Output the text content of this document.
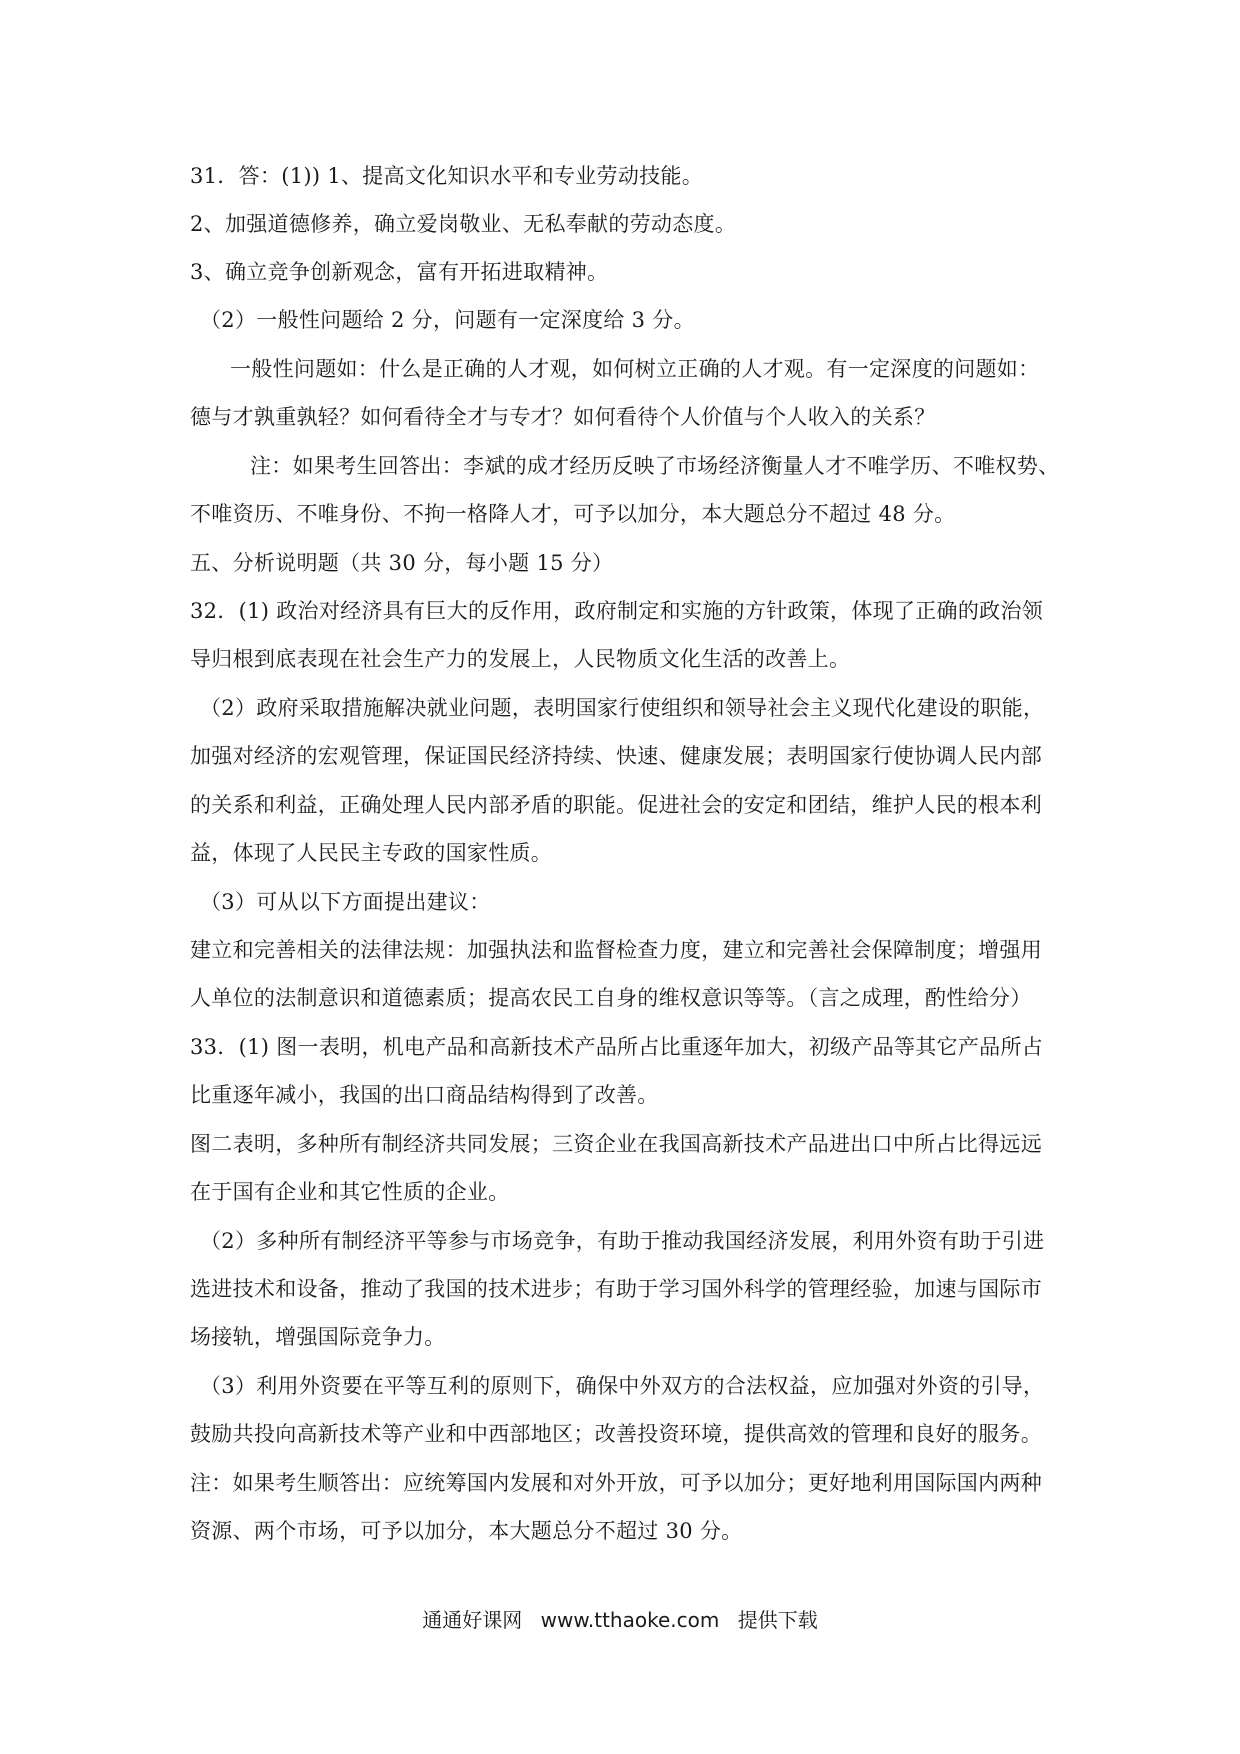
31．答：(1)) 1、提高文化知识水平和专业劳动技能。
2、加强道德修养，确立爱岗敬业、无私奉献的劳动态度。
3、确立竞争创新观念，富有开拓进取精神。
（2）一般性问题给 2 分，问题有一定深度给 3 分。
一般性问题如：什么是正确的人才观，如何树立正确的人才观。有一定深度的问题如：
德与才孰重孰轻？如何看待全才与专才？如何看待个人价值与个人收入的关系？
注：如果考生回答出：李斌的成才经历反映了市场经济衡量人才不唯学历、不唯权势、
不唯资历、不唯身份、不拘一格降人才，可予以加分，本大题总分不超过 48 分。
五、分析说明题（共 30 分，每小题 15 分）
32．(1) 政治对经济具有巨大的反作用，政府制定和实施的方针政策，体现了正确的政治领
导归根到底表现在社会生产力的发展上，人民物质文化生活的改善上。
（2）政府采取措施解决就业问题，表明国家行使组织和领导社会主义现代化建设的职能，
加强对经济的宏观管理，保证国民经济持续、快速、健康发展；表明国家行使协调人民内部
的关系和利益，正确处理人民内部矛盾的职能。促进社会的安定和团结，维护人民的根本利
益，体现了人民民主专政的国家性质。
（3）可从以下方面提出建议：
建立和完善相关的法律法规：加强执法和监督检查力度，建立和完善社会保障制度；增强用
人单位的法制意识和道德素质；提高农民工自身的维权意识等等。（言之成理，酌性给分）
33．(1) 图一表明，机电产品和高新技术产品所占比重逐年加大，初级产品等其它产品所占
比重逐年减小，我国的出口商品结构得到了改善。
图二表明，多种所有制经济共同发展；三资企业在我国高新技术产品进出口中所占比得远远
在于国有企业和其它性质的企业。
（2）多种所有制经济平等参与市场竞争，有助于推动我国经济发展，利用外资有助于引进
选进技术和设备，推动了我国的技术进步；有助于学习国外科学的管理经验，加速与国际市
场接轨，增强国际竞争力。
（3）利用外资要在平等互利的原则下，确保中外双方的合法权益，应加强对外资的引导，
鼓励共投向高新技术等产业和中西部地区；改善投资环境，提供高效的管理和良好的服务。
注：如果考生顺答出：应统筹国内发展和对外开放，可予以加分；更好地利用国际国内两种
资源、两个市场，可予以加分，本大题总分不超过 30 分。
通通好课网 www.tthaoke.com 提供下载
